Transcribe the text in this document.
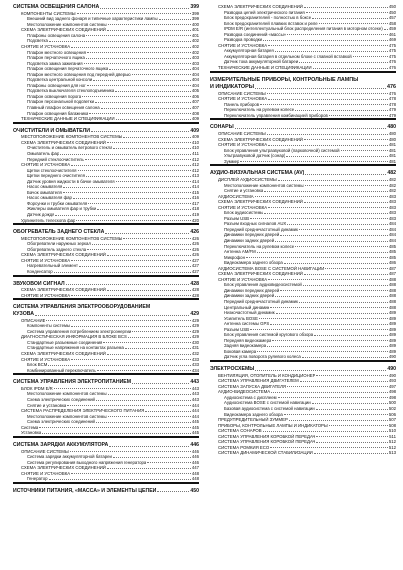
СИСТЕМА ОСВЕЩЕНИЯ САЛОНА	399
КОМПОНЕНТЫ СИСТЕМЫ	399
Внешний вид заднего фонаря и типичные характеристики лампы	399
Местоположение компонентов системы	400
СХЕМА ЭЛЕКТРИЧЕСКИХ СОЕДИНЕНИЙ	401
Плафоны освещения салона	401
Подсветка	402
СНЯТИЕ И УСТАНОВКА	402
Плафон местного освещения	402
Плафон перчаточного ящика	403
Подсветка замка зажигания	403
Плафон освещения перчаточного ящика	404
Плафон местного освещения под передней дверью	404
Подсветка центральной консоли	404
Плафоны освещения для ног	404
Подсветка выключателя стеклоподъемника	405
Плафон освещения порога	406
Плафон персональной подсветки	407
Главный плафон освещения салона	407
Плафон освещения багажника	408
ТЕХНИЧЕСКИЕ ДАННЫЕ И СПЕЦИФИКАЦИИ	409
ОЧИСТИТЕЛИ И ОМЫВАТЕЛИ	409
МЕСТОПОЛОЖЕНИЕ КОМПОНЕНТОВ СИСТЕМЫ	409
СХЕМА ЭЛЕКТРИЧЕСКИХ СОЕДИНЕНИЙ	410
Очиститель и омыватель ветрового стекла	410
Омыватель фар	411
Передний стеклоочиститель	412
СНЯТИЕ И УСТАНОВКА	412
Щетки стеклоочистителя	412
Щетки переднего очистителя	413
Датчик уровня жидкости в бачке омывателя	414
Насос омывателя	414
Бачок омывателя	415
Насос омывателя фар	416
Форсунки и трубки омывателя	417
Жиклеры омывателя фар и трубки	418
Датчик дождя	419
Удлинитель телескопа фар	420
ОБОГРЕВАТЕЛЬ ЗАДНЕГО СТЕКЛА	426
МЕСТОПОЛОЖЕНИЕ КОМПОНЕНТОВ СИСТЕМЫ	426
Обогреватели наружных зеркал	426
Обогреватель заднего стекла	426
СХЕМА ЭЛЕКТРИЧЕСКИХ СОЕДИНЕНИЙ	426
СНЯТИЕ И УСТАНОВКА	427
Нагревательный элемент	427
Конденсатор	427
ЗВУКОВОЙ СИГНАЛ	428
СХЕМА ЭЛЕКТРИЧЕСКИХ СОЕДИНЕНИЙ	428
СНЯТИЕ И УСТАНОВКА	428
СИСТЕМА УПРАВЛЕНИЯ ЭЛЕКТРООБОРУДОВАНИЕМ
КУЗОВА	429
ОПИСАНИЕ	429
Компоненты системы	429
Система управления потреблением электроэнергии	429
ДИАГНОСТИЧЕСКАЯ ИНФОРМАЦИЯ В БЛОКЕ BCS	429
Стандартные разъемные соединения	430
Стандартные напряжения на контактах разъема	431
СХЕМА ЭЛЕКТРИЧЕСКИХ СОЕДИНЕНИЙ	432
СНЯТИЕ И УСТАНОВКА	433
Блок BCM	433
Комбинированный переключатель	434
СИСТЕМА УПРАВЛЕНИЯ ЭЛЕКТРОПИТАНИЕМ	443
БЛОК IPDM E/R	443
Местоположение компонентов системы	443
Схема электрических соединений	443
Снятие и установка	444
СИСТЕМА РАСПРЕДЕЛЕНИЯ ЭЛЕКТРИЧЕСКОГО ПИТАНИЯ	444
Местоположение компонентов системы	444
Схема электрических соединений	445
Система	445
Установка	445
СИСТЕМА ЗАРЯДКИ АККУМУЛЯТОРА	446
ОПИСАНИЕ СИСТЕМЫ	446
Система зарядки аккумуляторной батареи	446
Система регулирования выходного напряжения генератора	446
СХЕМА ЭЛЕКТРИЧЕСКИХ СОЕДИНЕНИЙ	447
СНЯТИЕ И УСТАНОВКА	448
Генератор	448
ИСТОЧНИКИ ПИТАНИЯ, «МАССА» И ЭЛЕМЕНТЫ ЦЕПЕЙ	450
СХЕМА ЭЛЕКТРИЧЕСКИХ СОЕДИНЕНИЙ	450
Разводка цепей электрического питания	450
Блок предохранителей - полностью в боксе	457
Блок предохранителей плавких вставок и реле	458
IPDM E/R (интеллектуальный блок распределения питания в моторном отсеке) 459
Разводка соединений «массы»	461
Разводка проводки	469
СНЯТИЕ И УСТАНОВКА	475
Аккумуляторная батарея	475
Аккумуляторная батарея в отдельном блоке с главной вставкой	475
Датчик тока аккумуляторной батареи	476
ТЕХНИЧЕСКИЕ ДАННЫЕ И СПЕЦИФИКАЦИИ	476
ИЗМЕРИТЕЛЬНЫЕ ПРИБОРЫ, КОНТРОЛЬНЫЕ ЛАМПЫ
И ИНДИКАТОРЫ	476
ОПИСАНИЕ СИСТЕМЫ	476
СНЯТИЕ И УСТАНОВКА	478
Панель приборов	478
Переключатель на рулевом колесе	479
Переключатель управления комбинацией приборов	479
СОНАРЫ	480
ОПИСАНИЕ СИСТЕМЫ	480
СХЕМА ЭЛЕКТРИЧЕСКИХ СОЕДИНЕНИЙ	480
СНЯТИЕ И УСТАНОВКА	481
Блок управления ультразвуковой (парковочной) системой	481
Ультразвуковой датчик (сонар)	481
Зуммер	481
АУДИО-ВИЗУАЛЬНАЯ СИСТЕМА (AV)	482
ДИСПЛЕЙ АУДИОСИСТЕМЫ	482
Местоположение компонентов системы	482
Снятие и установка	482
АУДИОСИСТЕМА	483
СХЕМА ЭЛЕКТРИЧЕСКИХ СОЕДИНЕНИЙ	483
СНЯТИЕ И УСТАНОВКА	483
Блок аудиосистемы	483
Разъем USB	483
Разъем входных сигналов AUX	484
Передний среднечастотный динамик	484
Динамики передних дверей	484
Динамики задних дверей	484
Переключатель на рулевом колесе	485
Антенна AM/FM	485
Микрофон	485
Видеокамера заднего обзора	486
АУДИОСИСТЕМА BOSE С СИСТЕМОЙ НАВИГАЦИИ	487
СХЕМА ЭЛЕКТРИЧЕСКИХ СОЕДИНЕНИЙ	487
СНЯТИЕ И УСТАНОВКА	488
Блок управления аудиовидеосистемой	488
Динамики передних дверей	488
Динамики задних дверей	488
Передний среднечастотный динамик	488
Центральный динамик	488
Низкочастотный динамик	489
Усилитель BOSE	489
Антенна системы GPS	489
Разъем USB	489
Блок управления системой кругового обзора	489
Передняя видеокамера	489
Задняя видеокамера	489
Боковая камера	489
Датчик угла поворота рулевого колеса	490
ЭЛЕКТРОСХЕМЫ	490
ВЕНТИЛЯЦИЯ, ОТОПИТЕЛЬ И КОНДИЦИОНЕР	490
СИСТЕМА УПРАВЛЕНИЯ ДВИГАТЕЛЕМ	493
СИСТЕМА ЗАПУСКА ДВИГАТЕЛЯ	497
АУДИО-ВИДЕОСИСТЕМА	498
Аудиосистема с дисплеем	498
Аудиосистема BOSE с системой навигации	500
Базовая аудиосистема с системой навигации	502
Видеокамера заднего обзора	506
ПРЕДУПРЕДИТЕЛЬНЫЙ ЗУММЕР	507
ПРИБОРЫ, КОНТРОЛЬНЫЕ ЛАМПЫ И ИНДИКАТОРЫ	508
СИСТЕМА СОНАРОВ	510
СИСТЕМА УПРАВЛЕНИЯ КОРОБКОЙ ПЕРЕДАЧ	511
СИСТЕМА УПРАВЛЕНИЯ КОРОБКОЙ ПЕРЕДАЧ	512
СИСТЕМА РОМКИЯ ECO	512
СИСТЕМА ДИНАМИЧЕСКОЙ СТАБИЛИЗАЦИИ	513
